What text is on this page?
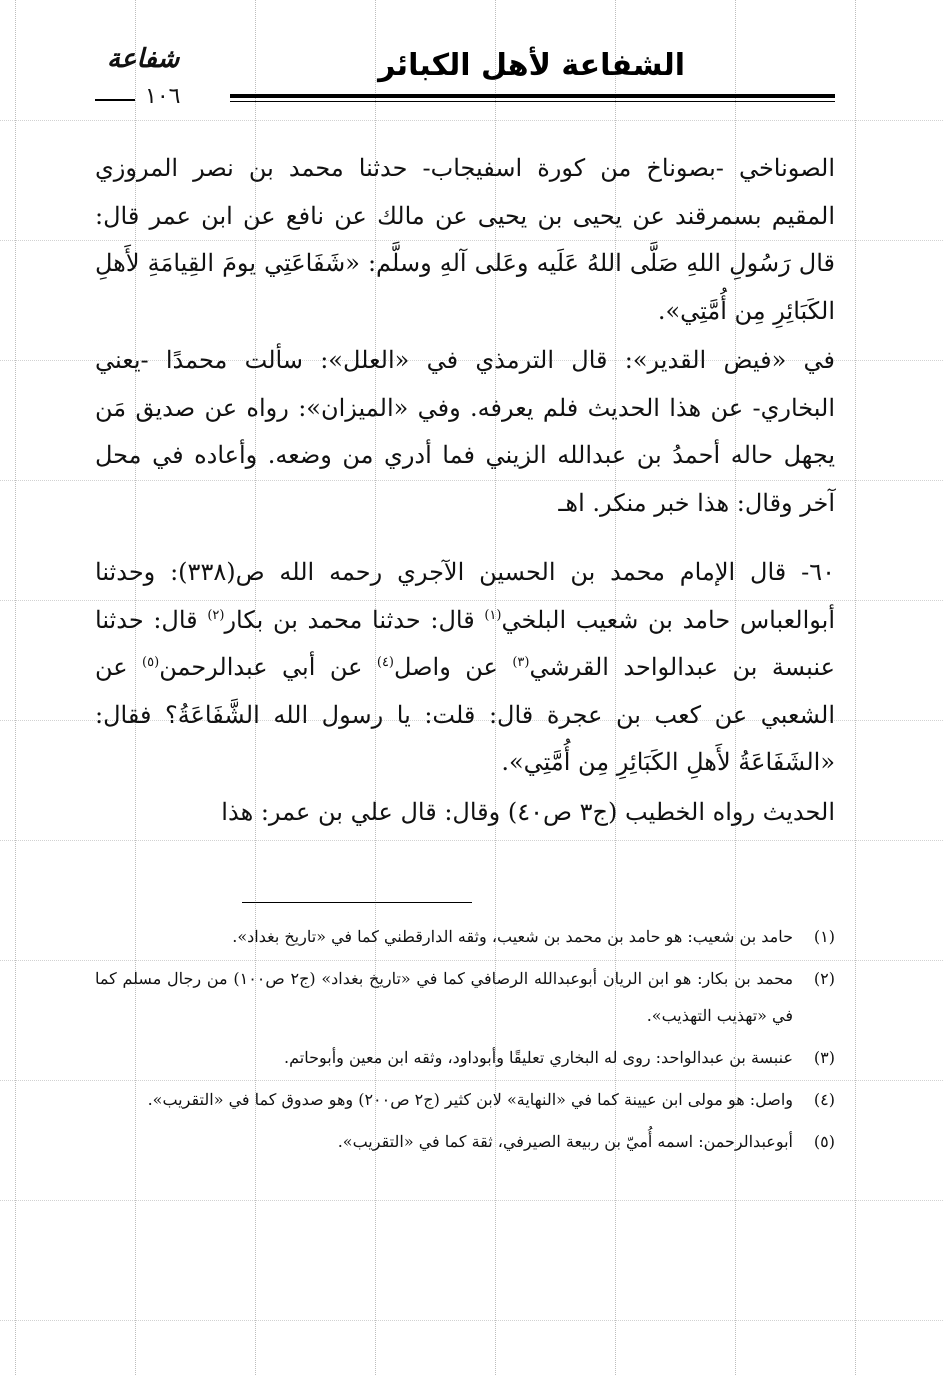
الشفاعة لأهل الكبائر
شفاعة
١٠٦

الصوناخي -بصوناخ من كورة اسفيجاب- حدثنا محمد بن نصر المروزي المقيم بسمرقند عن يحيى بن يحيى عن مالك عن نافع عن ابن عمر قال: قال رَسُولِ اللهِ صَلَّى اللهُ عَلَيه وعَلى آلهِ وسلَّم: «شَفَاعَتِي يومَ القِيامَةِ لأَهلِ الكَبَائِرِ مِن أُمَّتِي».

في «فيض القدير»: قال الترمذي في «العلل»: سألت محمدًا -يعني البخاري- عن هذا الحديث فلم يعرفه. وفي «الميزان»: رواه عن صديق مَن يجهل حاله أحمدُ بن عبدالله الزيني فما أدري من وضعه. وأعاده في محل آخر وقال: هذا خبر منكر. اهـ

٦٠- قال الإمام محمد بن الحسين الآجري رحمه الله ص(٣٣٨): وحدثنا أبوالعباس حامد بن شعيب البلخي$^{(١)}$ قال: حدثنا محمد بن بكار$^{(٢)}$ قال: حدثنا عنبسة بن عبدالواحد القرشي$^{(٣)}$ عن واصل$^{(٤)}$ عن أبي عبدالرحمن$^{(٥)}$ عن الشعبي عن كعب بن عجرة قال: قلت: يا رسول الله الشَّفَاعَةُ؟ فقال: «الشَفَاعَةُ لأَهلِ الكَبَائِرِ مِن أُمَّتِي».

الحديث رواه الخطيب (ج٣ ص٤٠) وقال: قال علي بن عمر: هذا

(١)
حامد بن شعيب: هو حامد بن محمد بن شعيب، وثقه الدارقطني كما في «تاريخ بغداد».
(٢)
محمد بن بكار: هو ابن الريان أبوعبدالله الرصافي كما في «تاريخ بغداد» (ج٢ ص١٠٠) من رجال مسلم كما في «تهذيب التهذيب».
(٣)
عنبسة بن عبدالواحد: روى له البخاري تعليقًا وأبوداود، وثقه ابن معين وأبوحاتم.
(٤)
واصل: هو مولى ابن عيينة كما في «النهاية» لابن كثير (ج٢ ص٢٠٠) وهو صدوق كما في «التقريب».
(٥)
أبوعبدالرحمن: اسمه أُميّ بن ربيعة الصيرفي، ثقة كما في «التقريب».
